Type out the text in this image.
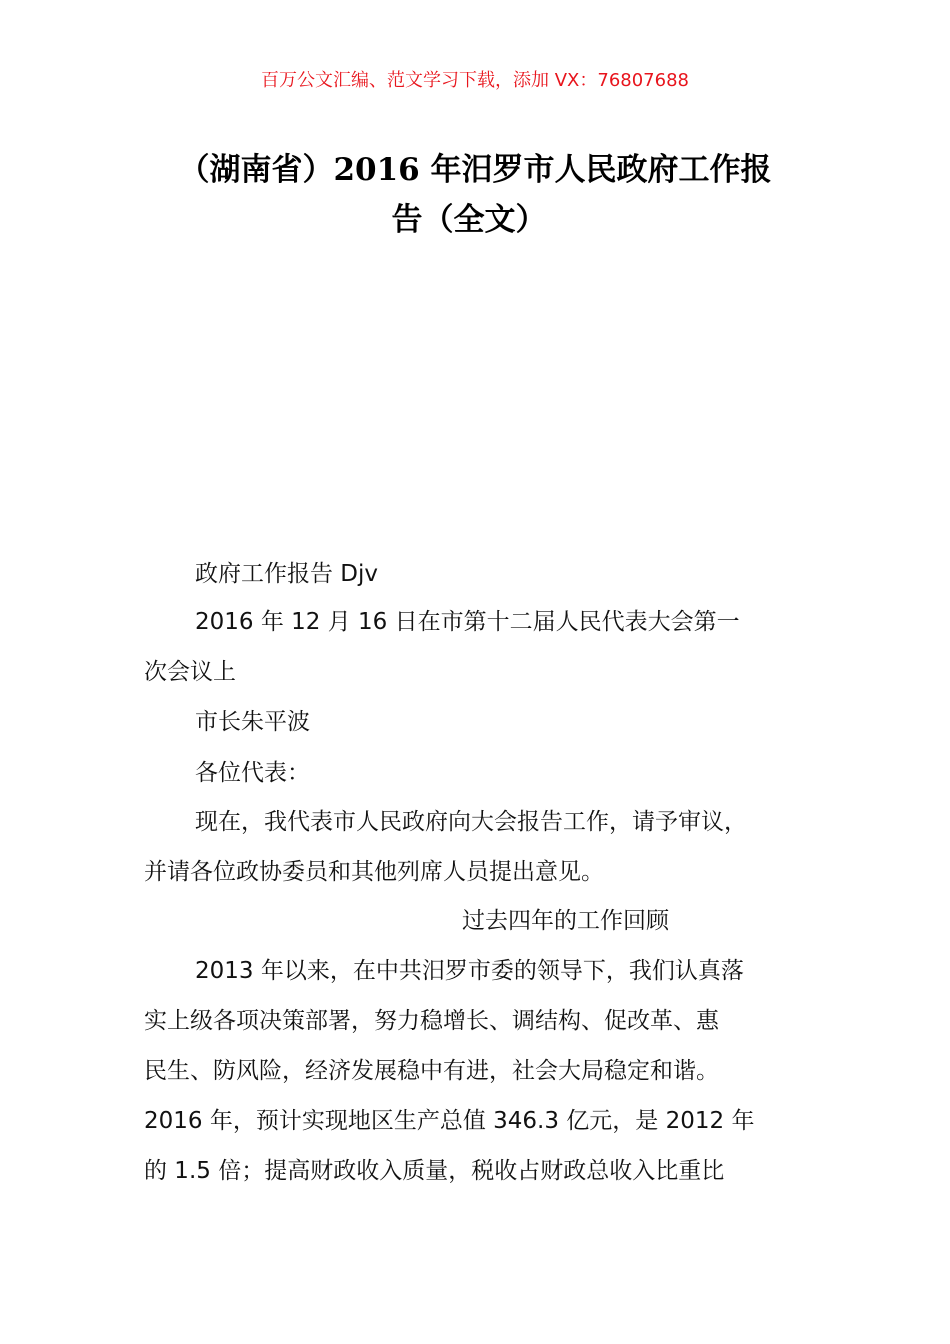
百万公文汇编、范文学习下载，添加 VX：76807688
（湖南省）2016 年汨罗市人民政府工作报
告（全文）
政府工作报告 Djv
2016 年 12 月 16 日在市第十二届人民代表大会第一
次会议上
市长朱平波
各位代表：
现在，我代表市人民政府向大会报告工作，请予审议，
并请各位政协委员和其他列席人员提出意见。
过去四年的工作回顾
2013 年以来，在中共汨罗市委的领导下，我们认真落
实上级各项决策部署，努力稳增长、调结构、促改革、惠
民生、防风险，经济发展稳中有进，社会大局稳定和谐。
2016 年，预计实现地区生产总值 346.3 亿元，是 2012 年
的 1.5 倍；提高财政收入质量，税收占财政总收入比重比
